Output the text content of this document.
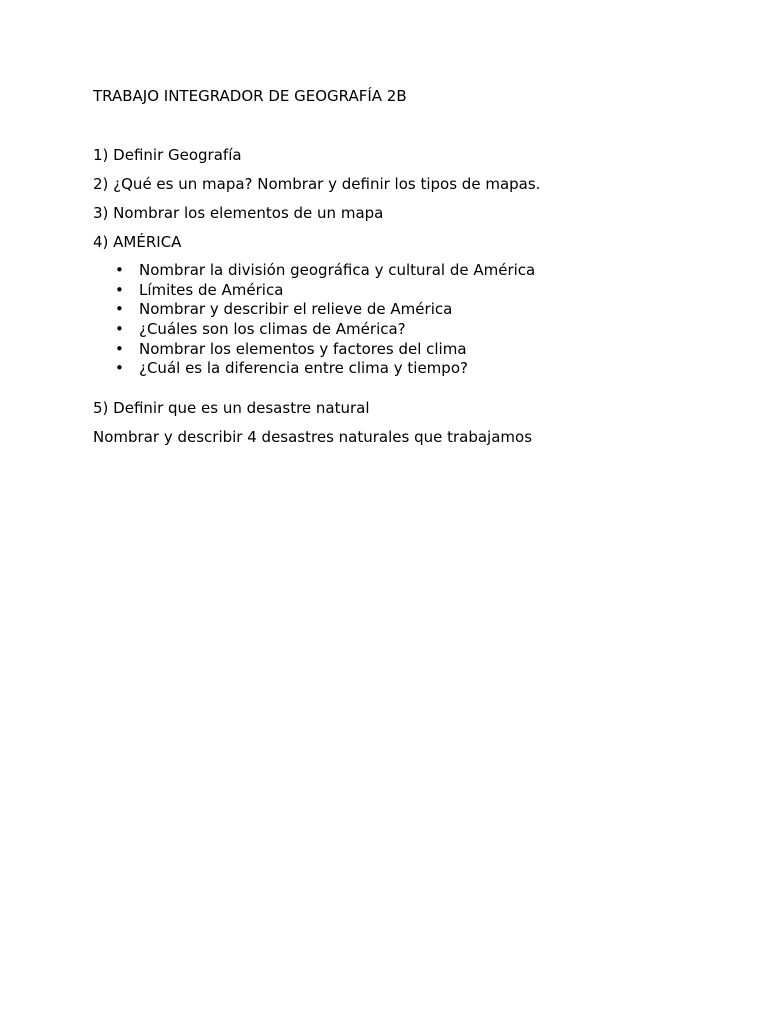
TRABAJO INTEGRADOR DE GEOGRAFÍA 2B

1) Definir Geografía

2) ¿Qué es un mapa? Nombrar y definir los tipos de mapas.

3) Nombrar los elementos de un mapa

4) AMÉRICA

• Nombrar la división geográfica y cultural de América
• Límites de América
• Nombrar y describir el relieve de América
• ¿Cuáles son los climas de América?
• Nombrar los elementos y factores del clima
• ¿Cuál es la diferencia entre clima y tiempo?

5) Definir que es un desastre natural

Nombrar y describir 4 desastres naturales que trabajamos
